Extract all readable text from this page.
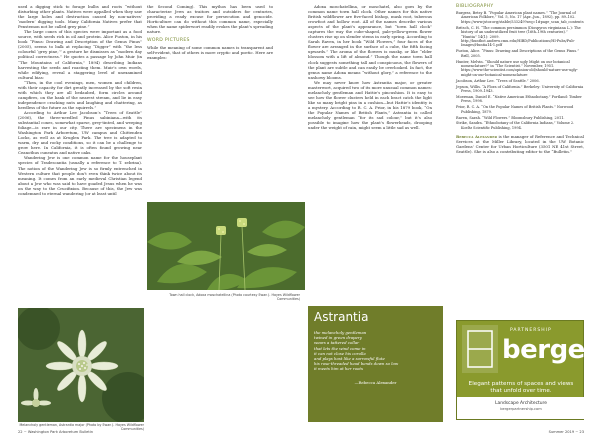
used a digging stick to forage bulbs and roots “without disturbing other plants. Natives were appalled when they saw the large holes and destruction caused by non-natives’ ‘modern’ digging tools. Many California Natives prefer that Penstemon not be called grey pine.”

The large cones of this species were important as a food source, with seeds rich in oil and protein. Alice Fuston, in his book “Pinus: Drawing and Description of the Genus Pinus” (2005), seems to balk at replacing “Digger” with “the less colourful ‘grey pine,’” a gesture he dismisses as “modern day political correctness.” He quotes a passage by John Muir (in “The Mountains of California,” 1894) describing Indians harvesting the seeds and roasting them. Muir’s own words, while edifying, reveal a staggering level of unexamined cultural bias:

“Then, in the cool evenings, men, women and children, with their capacity for dirt greatly increased by the soft resin with which they are all bedaubed, form circles around campfires, on the bank of the nearest stream, and lie in easy independence cracking nuts and laughing and chattering, as heedless of the future as the squirrels.”

According to Arthur Lee Jacobson’s “Trees of Seattle” (2006), the three-needled Pinus sabiniana—with its substantial cones, somewhat sparse, grey-tinted, and weeping foliage—is rare in our city. There are specimens in the Washington Park Arboretum, UW campus and Chittenden Locks, as well as at Kruglen Park. The tree is adapted to warm, dry and rocky conditions, so it can be a challenge to grow here. In California, it is often found growing near Ceanothus cuneatus and native oaks.

Wandering Jew is one common name for the houseplant species of Tradescantia (usually a reference to T. zebrina). The notion of the Wandering Jew is so firmly entrenched in Western culture that people don’t even think twice about its meaning. It comes from an early medieval Christian legend about a Jew who was said to have goaded Jesus when he was on the way to the Crucifixion. Because of this, the Jew was condemned to eternal wandering (or at least until

Melancholy gentleman, Astrantia major (Photo by Ewan J. Hayes Wildflower Communities)

the Second Coming). This mythos has been used to characterize Jews as traitors and outsiders for centuries, providing a ready excuse for persecution and genocide. Horticulture can do without this common name, especially when the name spiderwort readily evokes the plant’s spreading nature.

WORD PICTURES

While the meaning of some common names is transparent and self-evident, that of others is more cryptic and poetic. Here are examples:

Town hall clock, Adoxa moschatellina (Photo courtesy Ewan J. Hayes Wildflower Communities)

Adoxa moschatellina, or moschatel, also goes by the common name town hall clock. Other names for this native British wildflower are five-faced bishop, musk root, tuberous crowfoot and hollow root. All of the names describe various aspects of the plant’s appearance, but “town hall clock” captures the way the cube-shaped, pale-yellow-green flower clusters rise up on slender stems in early spring. According to Sarah Raven, in her book “Wild Flowers,” four faces of the flower are arranged in the surface of a cube, the fifth facing upwards.” The aroma of the flowers is musky, or like “elder blossom with a lift of almond.” Though the name town hall clock suggests something tall and conspicuous, the flowers of the plant are subtle and can easily be overlooked. In fact, the genus name Adoxa means “without glory,” a reference to the unshowy blooms.

We may never know how Astrantia major, or greater masterwort, acquired two of its more unusual common names: melancholy gentleman and Hattie’s pincushion. It is easy to see how the flower clusters held in each bract catch the light like so many bright pins in a cushion—but Hattie’s identity is a mystery. According to R. C. A. Prior, in his 1879 book, “On the Popular Names of British Plants,” Astrantia is called melancholy gentleman “for its sad colour,” but it’s also possible to imagine how the plant’s flowerheads, drooping under the weight of rain, might seem a little sad as well.

Astrantia
the melancholy gentleman
twined in green drapery
wears a tattered collar
that lets the wind come in
it can not close his corolla
and plays host like a sorrowful flute
his rose-threaded head bends down so low
it meets him at her roots
—Rebecca Alexander
BIBLIOGRAPHY

Burgess, Betsy B. “Popular American plant names.” “The Journal of American Folklore,” Vol. 5, No. 17 (Apr.–Jun., 1892), pp. 89–102. https://www.jstor.org/stable/533249?seq=1#page_scan_tab_contents

Britsch, C. H. “The common persimmon (Diospyros virginiana L.): The history of an underutilized fruit tree (16th–19th centuries).” “Huntia” 14(1): 2009. http://huntbot.andrew.cmu.edu/HIBD/Publications/HI-Pubs/Pub-Images/Huntia14-1.pdf

Fuston, Alice. “Pinus: Drawing and Descriptions of the Genus Pinus.” Brill, 2005.

Hunter, Melvin. “Should nature use ugly Might on our botanical nomenclature?” in “The Scientist.” November, 1951. https://www.the-scientist.com/opinion-old/should-nature-use-ugly-might-on-our-botanical-nomenclature

Jacobson, Arthur Lee. “Trees of Seattle.” 2006.

Jepson, Willis. “A Flora of California.” Berkeley: University of California Press, 1909–1943.

Moerman, Daniel E. “Native American Ethnobotany.” Portland: Timber Press, 1998.

Prior, R. C. A. “On the Popular Names of British Plants.” Norwood Publishing, 1879.

Raven, Sarah. “Wild Flowers.” Bloomsbury Publishing, 2011.

Strike, Sandra. “Ethnobotany of the California Indians,” Volume 2. Koeltz Scientific Publishing, 1994.

Rebecca Alexander is the manager of Reference and Technical Services at the Miller Library, located in the UW Botanic Gardens’ Center for Urban Horticulture (3501 NE 41st Street, Seattle). She is also a contributing editor to the “Bulletin.”
PARTNERSHIP
berger
Elegant patterns of spaces and views that unfold over time.
Landscape Architecture
bergerpartnership.com
22 ~ Washington Park Arboretum Bulletin	Summer 2019 ~ 23
